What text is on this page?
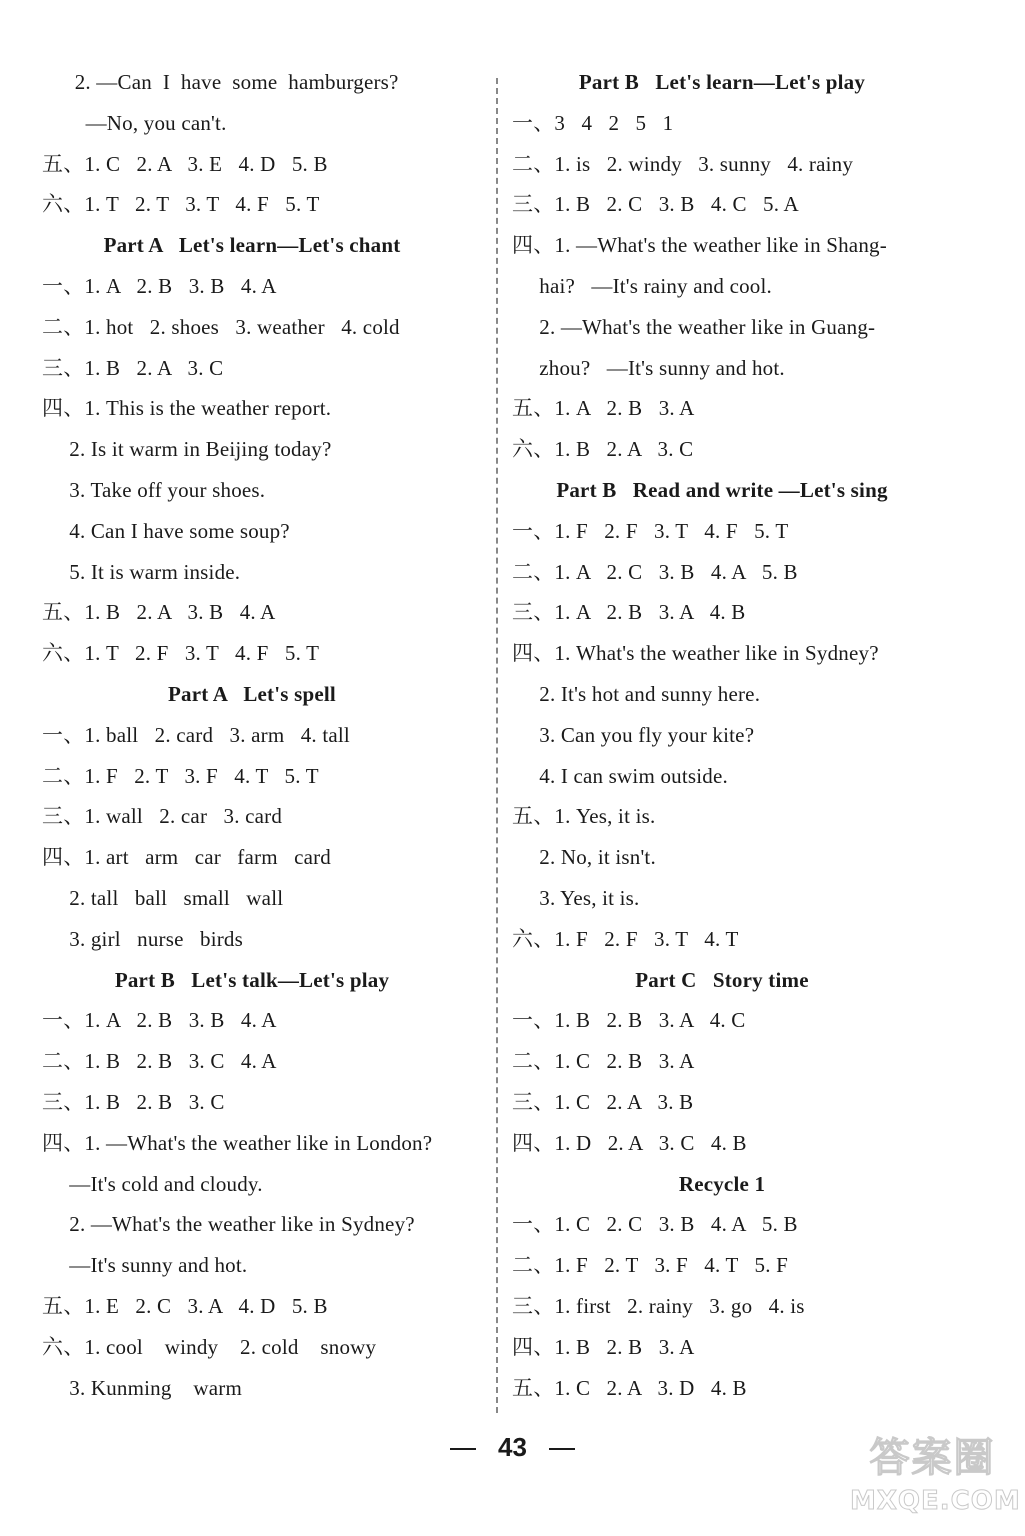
2. —Can  I  have  some  hamburgers?
—No, you can't.
五、1. C   2. A   3. E   4. D   5. B
六、1. T   2. T   3. T   4. F   5. T
Part A   Let's learn—Let's chant
一、1. A   2. B   3. B   4. A
二、1. hot   2. shoes   3. weather   4. cold
三、1. B   2. A   3. C
四、1. This is the weather report.
2. Is it warm in Beijing today?
3. Take off your shoes.
4. Can I have some soup?
5. It is warm inside.
五、1. B   2. A   3. B   4. A
六、1. T   2. F   3. T   4. F   5. T
Part A   Let's spell
一、1. ball   2. card   3. arm   4. tall
二、1. F   2. T   3. F   4. T   5. T
三、1. wall   2. car   3. card
四、1. art   arm   car   farm   card
2. tall   ball   small   wall
3. girl   nurse   birds
Part B   Let's talk—Let's play
一、1. A   2. B   3. B   4. A
二、1. B   2. B   3. C   4. A
三、1. B   2. B   3. C
四、1. —What's the weather like in London?
—It's cold and cloudy.
2. —What's the weather like in Sydney?
—It's sunny and hot.
五、1. E   2. C   3. A   4. D   5. B
六、1. cool    windy    2. cold    snowy
3. Kunming    warm
Part B   Let's learn—Let's play
一、3   4   2   5   1
二、1. is   2. windy   3. sunny   4. rainy
三、1. B   2. C   3. B   4. C   5. A
四、1. —What's the weather like in Shang-
hai?   —It's rainy and cool.
2. —What's the weather like in Guang-
zhou?   —It's sunny and hot.
五、1. A   2. B   3. A
六、1. B   2. A   3. C
Part B   Read and write —Let's sing
一、1. F   2. F   3. T   4. F   5. T
二、1. A   2. C   3. B   4. A   5. B
三、1. A   2. B   3. A   4. B
四、1. What's the weather like in Sydney?
2. It's hot and sunny here.
3. Can you fly your kite?
4. I can swim outside.
五、1. Yes, it is.
2. No, it isn't.
3. Yes, it is.
六、1. F   2. F   3. T   4. T
Part C   Story time
一、1. B   2. B   3. A   4. C
二、1. C   2. B   3. A
三、1. C   2. A   3. B
四、1. D   2. A   3. C   4. B
Recycle 1
一、1. C   2. C   3. B   4. A   5. B
二、1. F   2. T   3. F   4. T   5. F
三、1. first   2. rainy   3. go   4. is
四、1. B   2. B   3. A
五、1. C   2. A   3. D   4. B
43	答案圈
MXQE.COM
